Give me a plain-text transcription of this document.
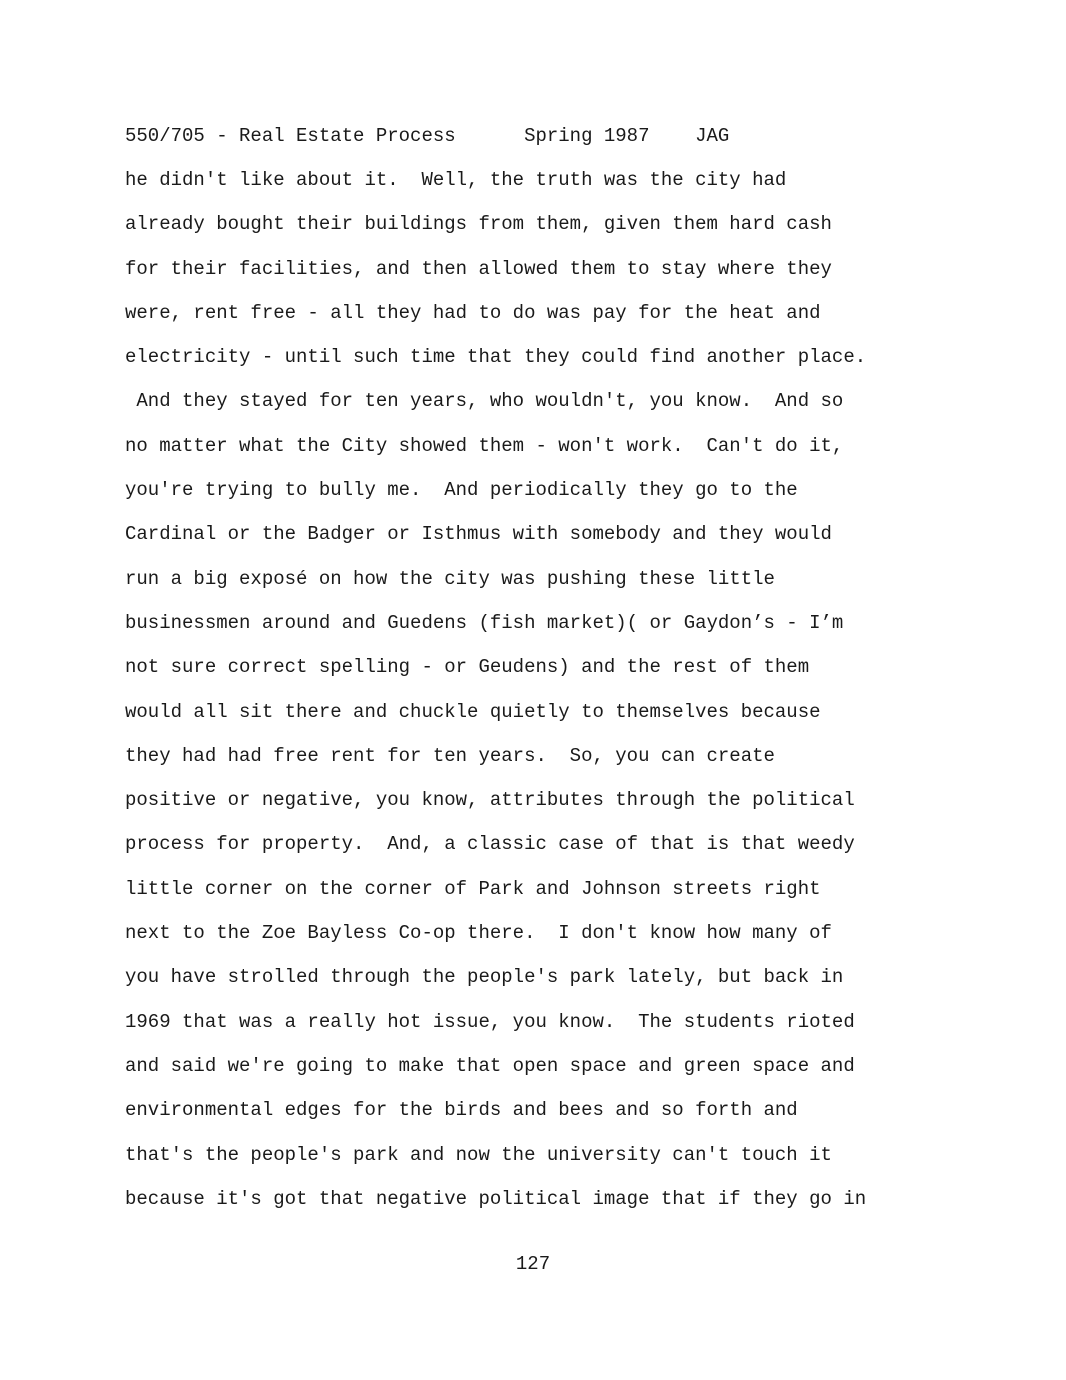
550/705 - Real Estate Process      Spring 1987    JAG
he didn't like about it.  Well, the truth was the city had
already bought their buildings from them, given them hard cash
for their facilities, and then allowed them to stay where they
were, rent free - all they had to do was pay for the heat and
electricity - until such time that they could find another place.
And they stayed for ten years, who wouldn't, you know.  And so
no matter what the City showed them - won't work.  Can't do it,
you're trying to bully me.  And periodically they go to the
Cardinal or the Badger or Isthmus with somebody and they would
run a big exposé on how the city was pushing these little
businessmen around and Guedens (fish market)( or Gaydon’s - I’m
not sure correct spelling - or Geudens) and the rest of them
would all sit there and chuckle quietly to themselves because
they had had free rent for ten years.  So, you can create
positive or negative, you know, attributes through the political
process for property.  And, a classic case of that is that weedy
little corner on the corner of Park and Johnson streets right
next to the Zoe Bayless Co-op there.  I don't know how many of
you have strolled through the people's park lately, but back in
1969 that was a really hot issue, you know.  The students rioted
and said we're going to make that open space and green space and
environmental edges for the birds and bees and so forth and
that's the people's park and now the university can't touch it
because it's got that negative political image that if they go in
127
